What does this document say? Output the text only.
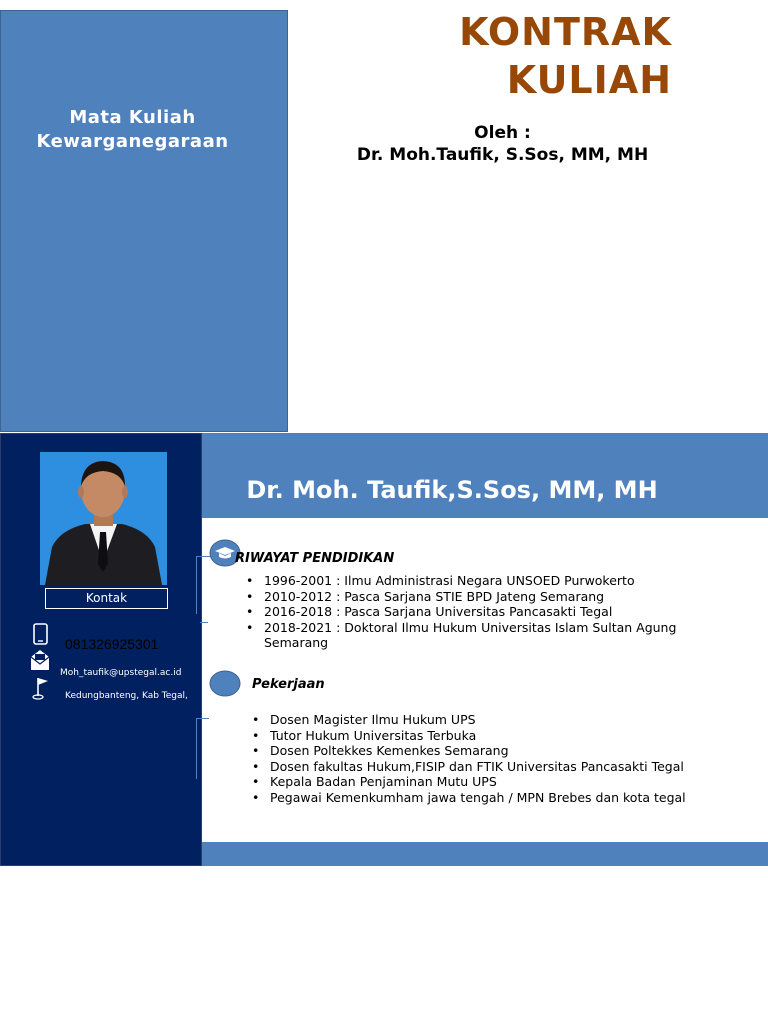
Mata Kuliah Kewarganegaraan
KONTRAK
KULIAH
Oleh :
Dr. Moh.Taufik, S.Sos, MM, MH
Dr. Moh. Taufik,S.Sos, MM, MH
Kontak
081326925301
Moh_taufik@upstegal.ac.id
Kedungbanteng, Kab Tegal,
RIWAYAT PENDIDIKAN
• 1996-2001 : Ilmu Administrasi Negara UNSOED Purwokerto
• 2010-2012 : Pasca Sarjana STIE BPD Jateng Semarang
• 2016-2018 : Pasca Sarjana Universitas Pancasakti Tegal
• 2018-2021 : Doktoral Ilmu Hukum Universitas Islam Sultan Agung Semarang
Pekerjaan
• Dosen Magister Ilmu Hukum UPS
• Tutor Hukum Universitas Terbuka
• Dosen Poltekkes Kemenkes Semarang
• Dosen fakultas Hukum,FISIP dan FTIK Universitas Pancasakti Tegal
• Kepala Badan Penjaminan Mutu UPS
• Pegawai Kemenkumham jawa tengah / MPN Brebes dan kota tegal
